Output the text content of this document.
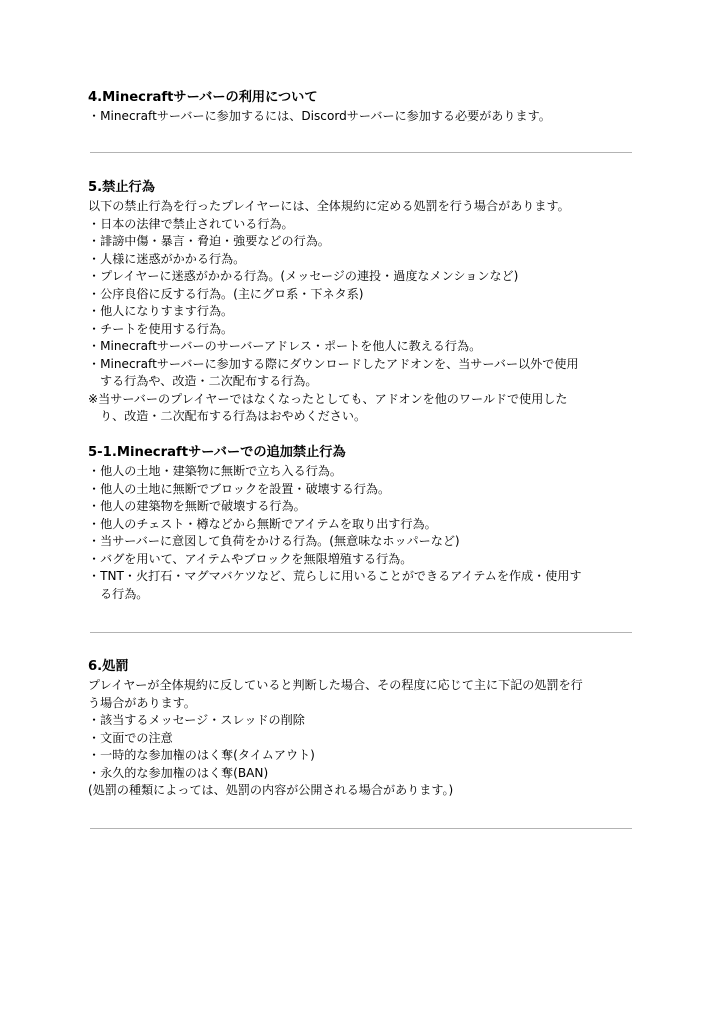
4.Minecraftサーバーの利用について

・Minecraftサーバーに参加するには、Discordサーバーに参加する必要があります。

5.禁止行為

以下の禁止行為を行ったプレイヤーには、全体規約に定める処罰を行う場合があります。

・日本の法律で禁止されている行為。
・誹謗中傷・暴言・脅迫・強要などの行為。
・人様に迷惑がかかる行為。
・プレイヤーに迷惑がかかる行為。(メッセージの連投・過度なメンションなど)
・公序良俗に反する行為。(主にグロ系・下ネタ系)
・他人になりすます行為。
・チートを使用する行為。
・Minecraftサーバーのサーバーアドレス・ポートを他人に教える行為。
・Minecraftサーバーに参加する際にダウンロードしたアドオンを、当サーバー以外で使用
する行為や、改造・二次配布する行為。

※当サーバーのプレイヤーではなくなったとしても、アドオンを他のワールドで使用した

り、改造・二次配布する行為はおやめください。

5-1.Minecraftサーバーでの追加禁止行為

・他人の土地・建築物に無断で立ち入る行為。
・他人の土地に無断でブロックを設置・破壊する行為。
・他人の建築物を無断で破壊する行為。
・他人のチェスト・樽などから無断でアイテムを取り出す行為。
・当サーバーに意図して負荷をかける行為。(無意味なホッパーなど)
・バグを用いて、アイテムやブロックを無限増殖する行為。
・TNT・火打石・マグマバケツなど、荒らしに用いることができるアイテムを作成・使用す
る行為。

6.処罰

プレイヤーが全体規約に反していると判断した場合、その程度に応じて主に下記の処罰を行

う場合があります。

・該当するメッセージ・スレッドの削除
・文面での注意
・一時的な参加権のはく奪(タイムアウト)
・永久的な参加権のはく奪(BAN)

(処罰の種類によっては、処罰の内容が公開される場合があります。)
